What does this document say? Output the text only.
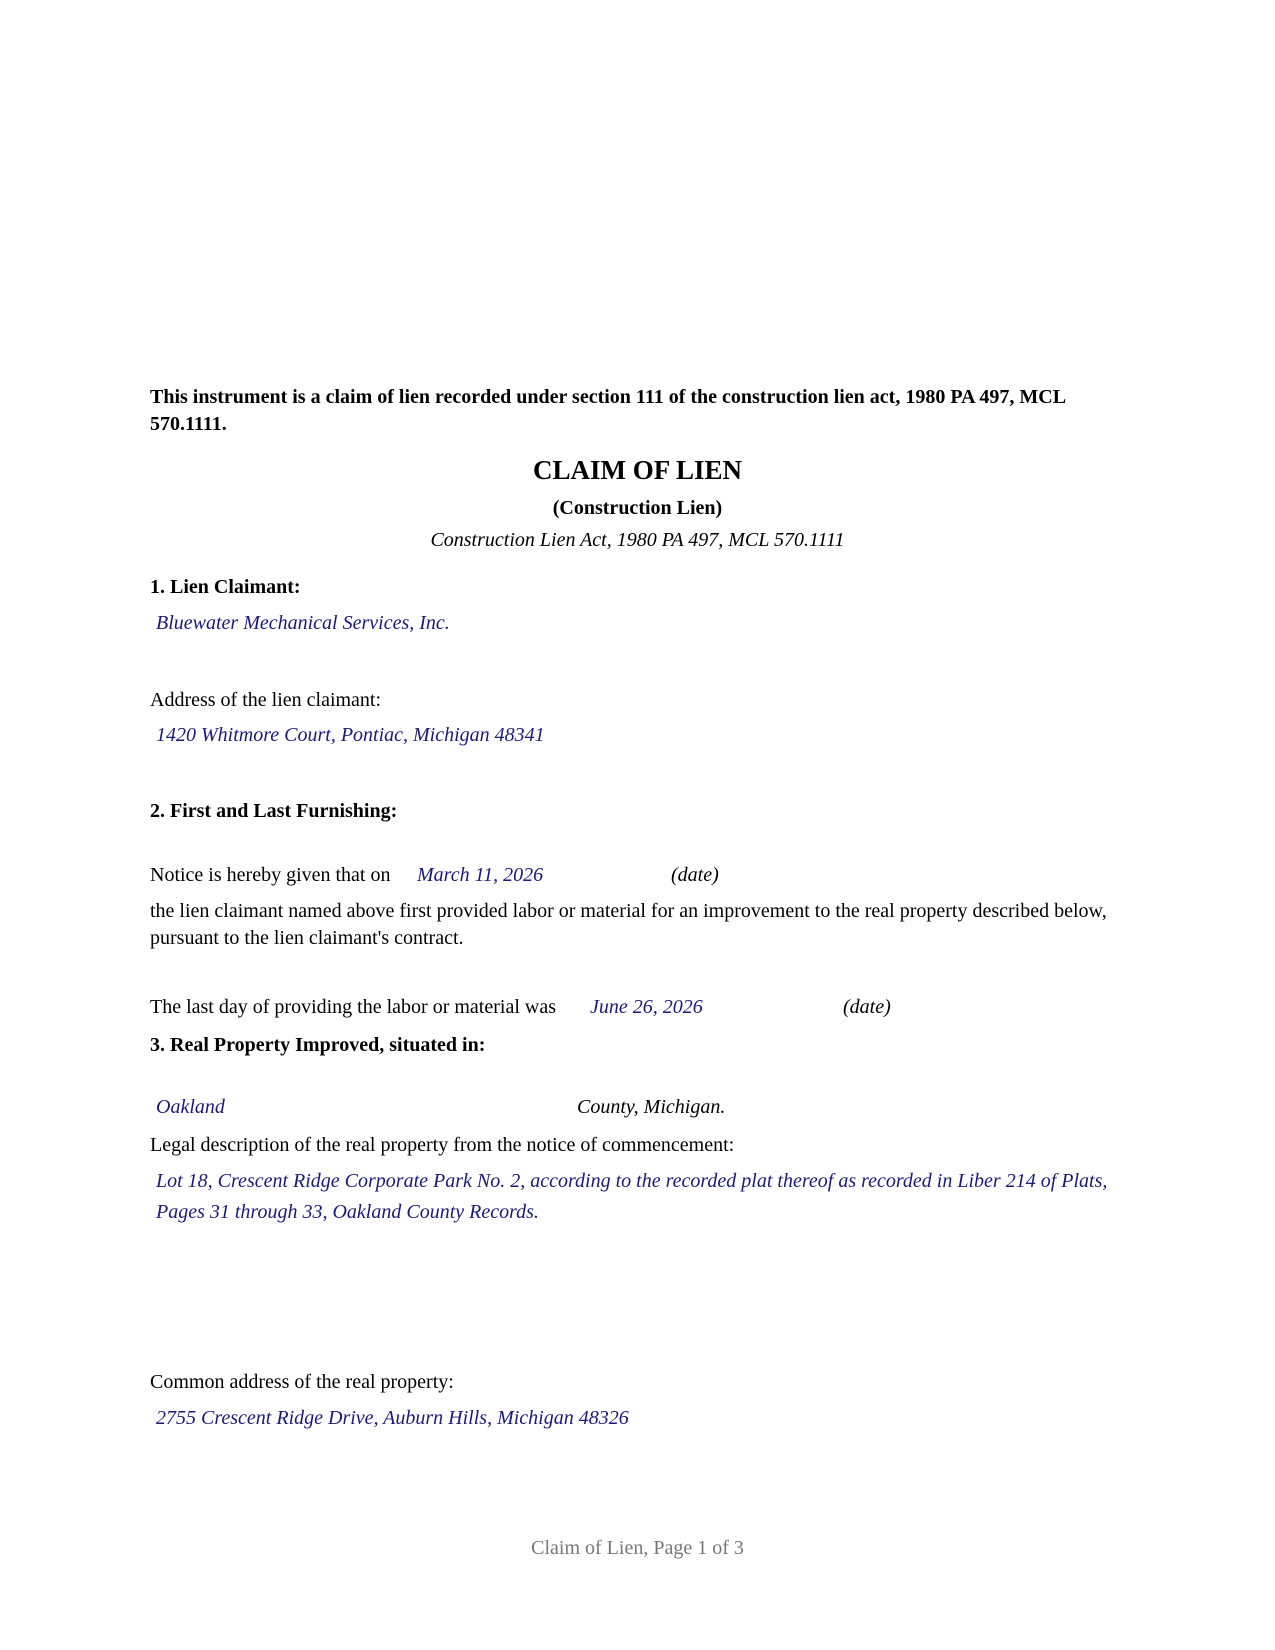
This instrument is a claim of lien recorded under section 111 of the construction lien act, 1980 PA 497, MCL 570.1111.
CLAIM OF LIEN
(Construction Lien)
Construction Lien Act, 1980 PA 497, MCL 570.1111
1. Lien Claimant:
Bluewater Mechanical Services, Inc.
Address of the lien claimant:
1420 Whitmore Court, Pontiac, Michigan 48341
2. First and Last Furnishing:
Notice is hereby given that on March 11, 2026	(date)
the lien claimant named above first provided labor or material for an improvement to the real property described below, pursuant to the lien claimant's contract.
The last day of providing the labor or material was June 26, 2026	(date)
3. Real Property Improved, situated in:
Oakland	County, Michigan.
Legal description of the real property from the notice of commencement:
Lot 18, Crescent Ridge Corporate Park No. 2, according to the recorded plat thereof as recorded in Liber 214 of Plats, Pages 31 through 33, Oakland County Records.
Common address of the real property:
2755 Crescent Ridge Drive, Auburn Hills, Michigan 48326
Claim of Lien, Page 1 of 3
